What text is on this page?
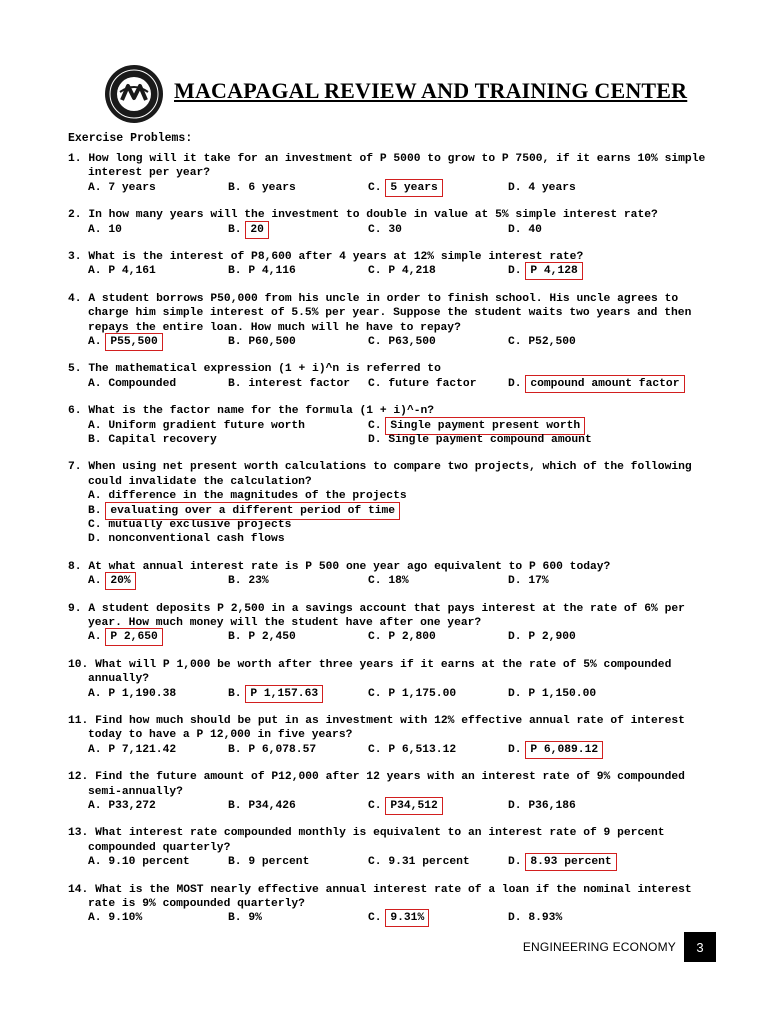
MACAPAGAL REVIEW AND TRAINING CENTER
Exercise Problems:
1. How long will it take for an investment of P 5000 to grow to P 7500, if it earns 10% simple interest per year?
A. 7 years	B. 6 years	C. 5 years	D. 4 years
2. In how many years will the investment to double in value at 5% simple interest rate?
A. 10	B. 20	C. 30	D. 40
3. What is the interest of P8,600 after 4 years at 12% simple interest rate?
A. P 4,161	B. P 4,116	C. P 4,218	D. P 4,128
4. A student borrows P50,000 from his uncle in order to finish school. His uncle agrees to charge him simple interest of 5.5% per year. Suppose the student waits two years and then repays the entire loan. How much will he have to repay?
A. P55,500	B. P60,500	C. P63,500	C. P52,500
5. The mathematical expression (1 + i)^n is referred to
A. Compounded	B. interest factor C. future factor	D. compound amount factor
6. What is the factor name for the formula (1 + i)^-n?
A. Uniform gradient future worth	C. Single payment present worth
B. Capital recovery	D. Single payment compound amount
7. When using net present worth calculations to compare two projects, which of the following could invalidate the calculation?
A. difference in the magnitudes of the projects
B. evaluating over a different period of time
C. mutually exclusive projects
D. nonconventional cash flows
8. At what annual interest rate is P 500 one year ago equivalent to P 600 today?
A. 20%	B. 23%	C. 18%	D. 17%
9. A student deposits P 2,500 in a savings account that pays interest at the rate of 6% per year. How much money will the student have after one year?
A. P 2,650	B. P 2,450	C. P 2,800	D. P 2,900
10. What will P 1,000 be worth after three years if it earns at the rate of 5% compounded annually?
A. P 1,190.38	B. P 1,157.63	C. P 1,175.00	D. P 1,150.00
11. Find how much should be put in as investment with 12% effective annual rate of interest today to have a P 12,000 in five years?
A. P 7,121.42	B. P 6,078.57	C. P 6,513.12	D. P 6,089.12
12. Find the future amount of P12,000 after 12 years with an interest rate of 9% compounded semi-annually?
A. P33,272	B. P34,426	C. P34,512	D. P36,186
13. What interest rate compounded monthly is equivalent to an interest rate of 9 percent compounded quarterly?
A. 9.10 percent	B. 9 percent	C. 9.31 percent	D. 8.93 percent
14. What is the MOST nearly effective annual interest rate of a loan if the nominal interest rate is 9% compounded quarterly?
A. 9.10%	B. 9%	C. 9.31%	D. 8.93%
ENGINEERING ECONOMY	3
